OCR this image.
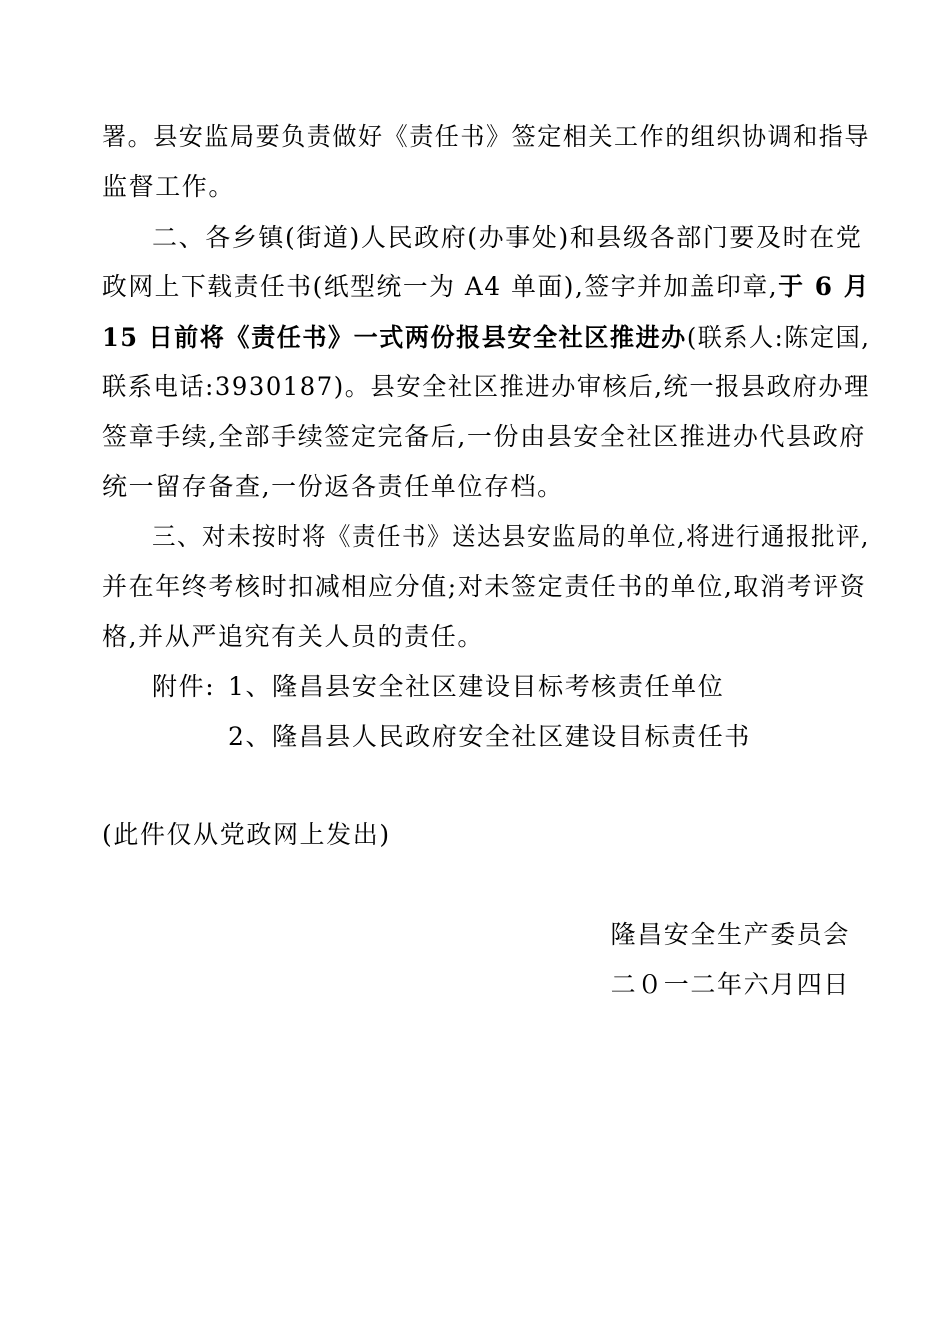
署。县安监局要负责做好《责任书》签定相关工作的组织协调和指导
监督工作。
二、各乡镇(街道)人民政府(办事处)和县级各部门要及时在党
政网上下载责任书(纸型统一为 A4 单面),签字并加盖印章,于 6 月
15 日前将《责任书》一式两份报县安全社区推进办(联系人:陈定国,
联系电话:3930187)。县安全社区推进办审核后,统一报县政府办理
签章手续,全部手续签定完备后,一份由县安全社区推进办代县政府
统一留存备查,一份返各责任单位存档。
三、对未按时将《责任书》送达县安监局的单位,将进行通报批评,
并在年终考核时扣减相应分值;对未签定责任书的单位,取消考评资
格,并从严追究有关人员的责任。
附件: 1、隆昌县安全社区建设目标考核责任单位
2、隆昌县人民政府安全社区建设目标责任书
(此件仅从党政网上发出)
隆昌安全生产委员会
二０一二年六月四日
